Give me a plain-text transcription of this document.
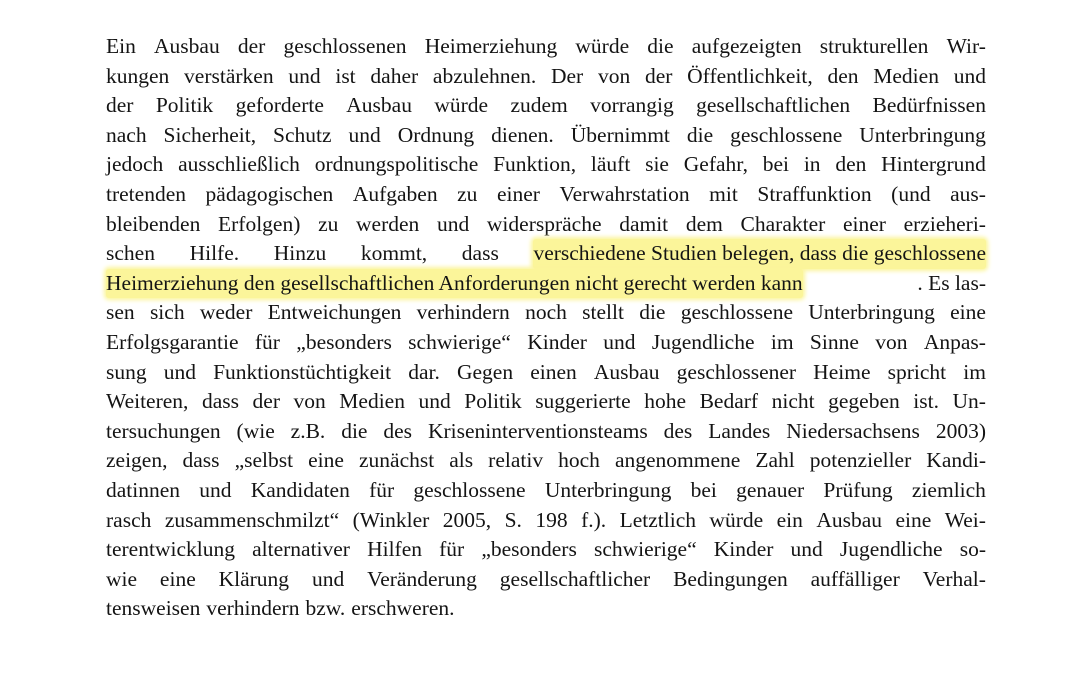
Ein Ausbau der geschlossenen Heimerziehung würde die aufgezeigten strukturellen Wir-
kungen verstärken und ist daher abzulehnen. Der von der Öffentlichkeit, den Medien und
der Politik geforderte Ausbau würde zudem vorrangig gesellschaftlichen Bedürfnissen
nach Sicherheit, Schutz und Ordnung dienen. Übernimmt die geschlossene Unterbringung
jedoch ausschließlich ordnungspolitische Funktion, läuft sie Gefahr, bei in den Hintergrund
tretenden pädagogischen Aufgaben zu einer Verwahrstation mit Straffunktion (und aus-
bleibenden Erfolgen) zu werden und widerspräche damit dem Charakter einer erzieheri-
schen Hilfe. Hinzu kommt, dass verschiedene Studien belegen, dass die geschlossene
Heimerziehung den gesellschaftlichen Anforderungen nicht gerecht werden kann	. Es las-
sen sich weder Entweichungen verhindern noch stellt die geschlossene Unterbringung eine
Erfolgsgarantie für „besonders schwierige“ Kinder und Jugendliche im Sinne von Anpas-
sung und Funktionstüchtigkeit dar. Gegen einen Ausbau geschlossener Heime spricht im
Weiteren, dass der von Medien und Politik suggerierte hohe Bedarf nicht gegeben ist. Un-
tersuchungen (wie z.B. die des Kriseninterventionsteams des Landes Niedersachsens 2003)
zeigen, dass „selbst eine zunächst als relativ hoch angenommene Zahl potenzieller Kandi-
datinnen und Kandidaten für geschlossene Unterbringung bei genauer Prüfung ziemlich
rasch zusammenschmilzt“ (Winkler 2005, S. 198 f.). Letztlich würde ein Ausbau eine Wei-
terentwicklung alternativer Hilfen für „besonders schwierige“ Kinder und Jugendliche so-
wie eine Klärung und Veränderung gesellschaftlicher Bedingungen auffälliger Verhal-
tensweisen verhindern bzw. erschweren.
